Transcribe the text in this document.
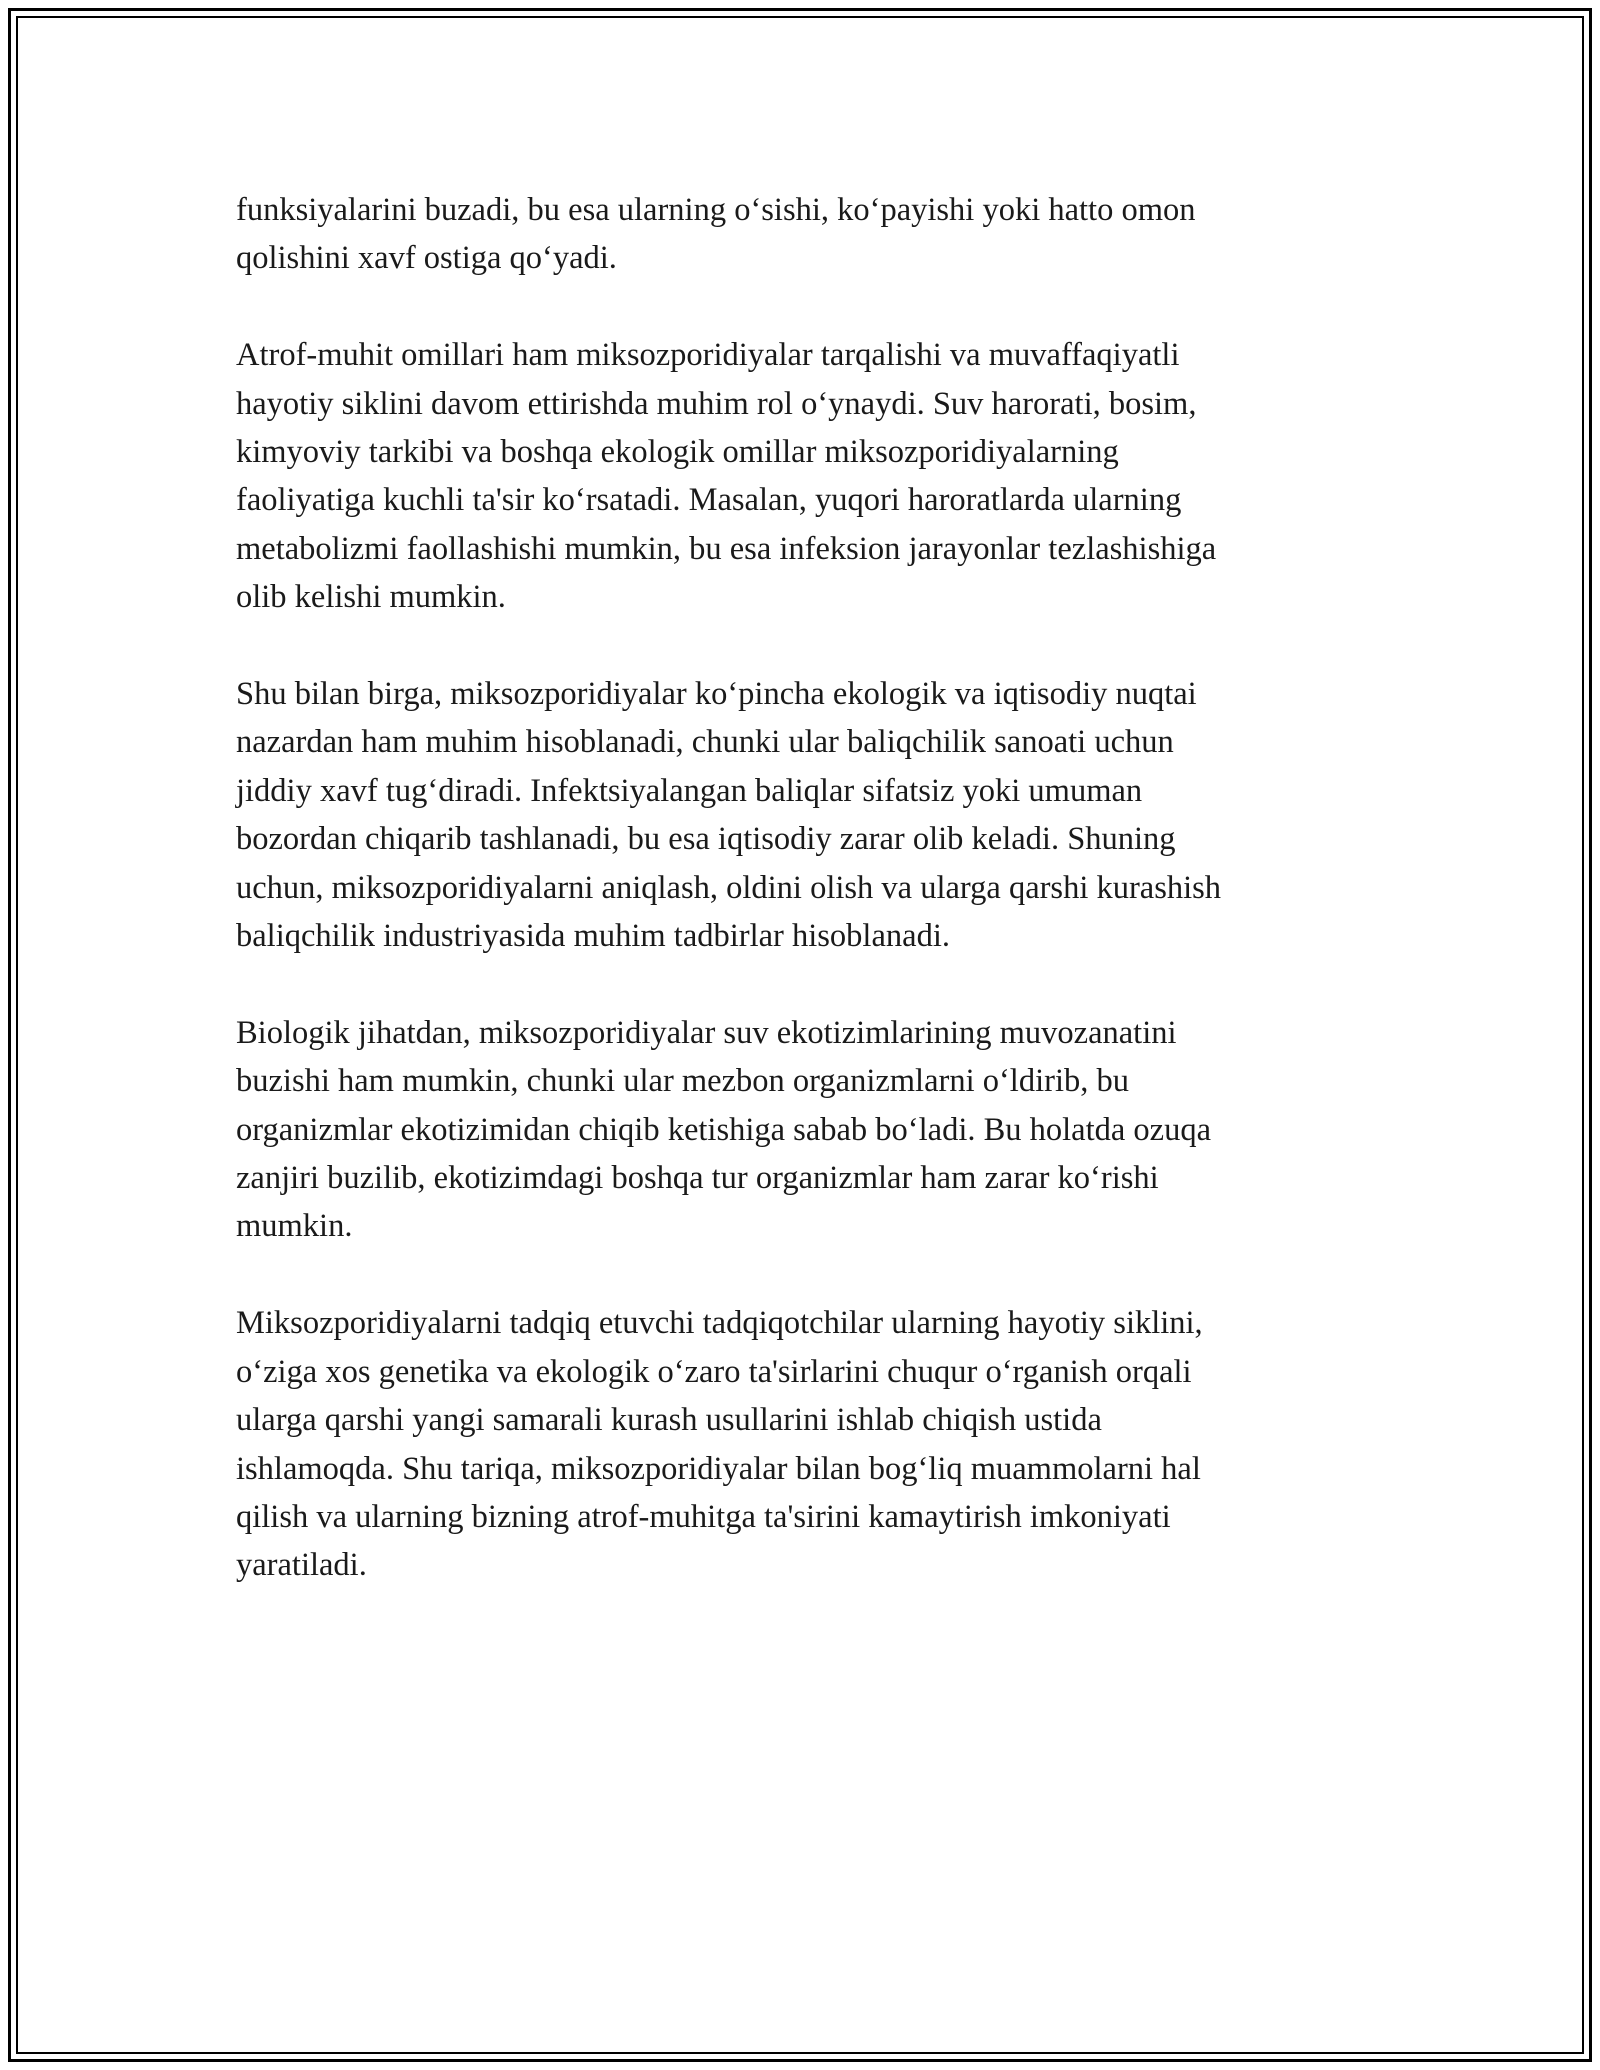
funksiyalarini buzadi, bu esa ularning o‘sishi, ko‘payishi yoki hatto omon
qolishini xavf ostiga qo‘yadi.

Atrof-muhit omillari ham miksozporidiyalar tarqalishi va muvaffaqiyatli
hayotiy siklini davom ettirishda muhim rol o‘ynaydi. Suv harorati, bosim,
kimyoviy tarkibi va boshqa ekologik omillar miksozporidiyalarning
faoliyatiga kuchli ta'sir ko‘rsatadi. Masalan, yuqori haroratlarda ularning
metabolizmi faollashishi mumkin, bu esa infeksion jarayonlar tezlashishiga
olib kelishi mumkin.

Shu bilan birga, miksozporidiyalar ko‘pincha ekologik va iqtisodiy nuqtai
nazardan ham muhim hisoblanadi, chunki ular baliqchilik sanoati uchun
jiddiy xavf tug‘diradi. Infektsiyalangan baliqlar sifatsiz yoki umuman
bozordan chiqarib tashlanadi, bu esa iqtisodiy zarar olib keladi. Shuning
uchun, miksozporidiyalarni aniqlash, oldini olish va ularga qarshi kurashish
baliqchilik industriyasida muhim tadbirlar hisoblanadi.

Biologik jihatdan, miksozporidiyalar suv ekotizimlarining muvozanatini
buzishi ham mumkin, chunki ular mezbon organizmlarni o‘ldirib, bu
organizmlar ekotizimidan chiqib ketishiga sabab bo‘ladi. Bu holatda ozuqa
zanjiri buzilib, ekotizimdagi boshqa tur organizmlar ham zarar ko‘rishi
mumkin.

Miksozporidiyalarni tadqiq etuvchi tadqiqotchilar ularning hayotiy siklini,
o‘ziga xos genetika va ekologik o‘zaro ta'sirlarini chuqur o‘rganish orqali
ularga qarshi yangi samarali kurash usullarini ishlab chiqish ustida
ishlamoqda. Shu tariqa, miksozporidiyalar bilan bog‘liq muammolarni hal
qilish va ularning bizning atrof-muhitga ta'sirini kamaytirish imkoniyati
yaratiladi.
